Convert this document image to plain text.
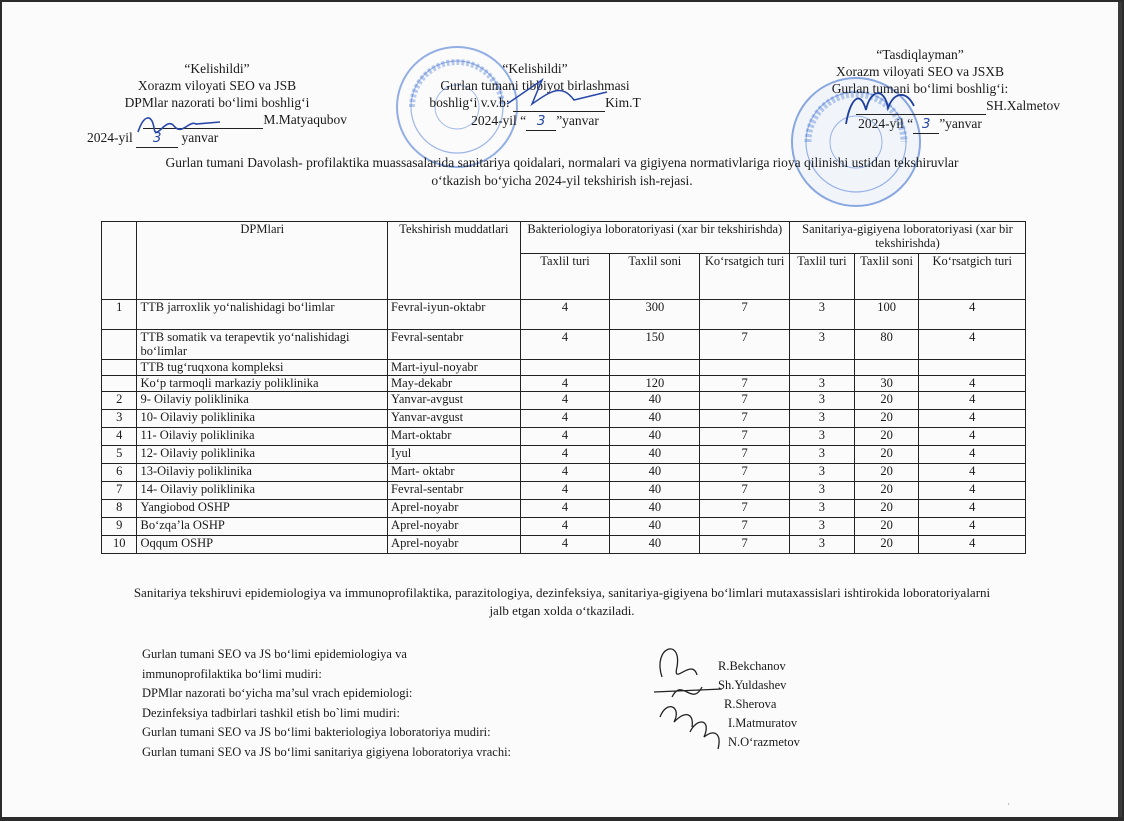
“Kelishildi”
Xorazm viloyati SEO va JSB
DPMlar nazorati bo‘limi boshlig‘i
M.Matyaqubov
2024-yil 3 yanvar
“Kelishildi”
Gurlan tumani tibbiyot birlashmasi
boshlig‘i v.v.b:	Kim.T
2024-yil “ 3 ”yanvar
“Tasdiqlayman”
Xorazm viloyati SEO va JSXB
Gurlan tumani bo‘limi boshlig‘i:
SH.Xalmetov
2024-yil “ 3 ”yanvar
Gurlan tumani Davolash- profilaktika muassasalarida sanitariya qoidalari, normalari va gigiyena normativlariga rioya qilinishi ustidan tekshiruvlar
o‘tkazish bo‘yicha 2024-yil tekshirish ish-rejasi.
	DPMlari	Tekshirish muddatlari	Bakteriologiya loboratoriyasi (xar bir tekshirishda)			Sanitariya-gigiyena loboratoriyasi (xar bir tekshirishda)		
			Taxlil turi	Taxlil soni	Ko‘rsatgich turi	Taxlil turi	Taxlil soni	Ko‘rsatgich turi
1	TTB jarroxlik yo‘nalishidagi bo‘limlar	Fevral-iyun-oktabr	4	300	7	3	100	4
	TTB somatik va terapevtik yo‘nalishidagi bo‘limlar	Fevral-sentabr	4	150	7	3	80	4
	TTB tug‘ruqxona kompleksi	Mart-iyul-noyabr						
	Ko‘p tarmoqli markaziy poliklinika	May-dekabr	4	120	7	3	30	4
2	9- Oilaviy poliklinika	Yanvar-avgust	4	40	7	3	20	4
3	10- Oilaviy poliklinika	Yanvar-avgust	4	40	7	3	20	4
4	11- Oilaviy poliklinika	Mart-oktabr	4	40	7	3	20	4
5	12- Oilaviy poliklinika	Iyul	4	40	7	3	20	4
6	13-Oilaviy poliklinika	Mart- oktabr	4	40	7	3	20	4
7	14- Oilaviy poliklinika	Fevral-sentabr	4	40	7	3	20	4
8	Yangiobod OSHP	Aprel-noyabr	4	40	7	3	20	4
9	Bo‘zqa’la OSHP	Aprel-noyabr	4	40	7	3	20	4
10	Oqqum OSHP	Aprel-noyabr	4	40	7	3	20	4
Sanitariya tekshiruvi epidemiologiya va immunoprofilaktika, parazitologiya, dezinfeksiya, sanitariya-gigiyena bo‘limlari mutaxassislari ishtirokida loboratoriyalarni
jalb etgan xolda o‘tkaziladi.
Gurlan tumani SEO va JS bo‘limi epidemiologiya va
immunoprofilaktika bo‘limi mudiri:
DPMlar nazorati bo‘yicha ma’sul vrach epidemiologi:
Dezinfeksiya tadbirlari tashkil etish bo`limi mudiri:
Gurlan tumani SEO va JS bo‘limi bakteriologiya loboratoriya mudiri:
Gurlan tumani SEO va JS bo‘limi sanitariya gigiyena loboratoriya vrachi:
R.Bekchanov
Sh.Yuldashev
R.Sherova
I.Matmuratov
N.O‘razmetov
·
